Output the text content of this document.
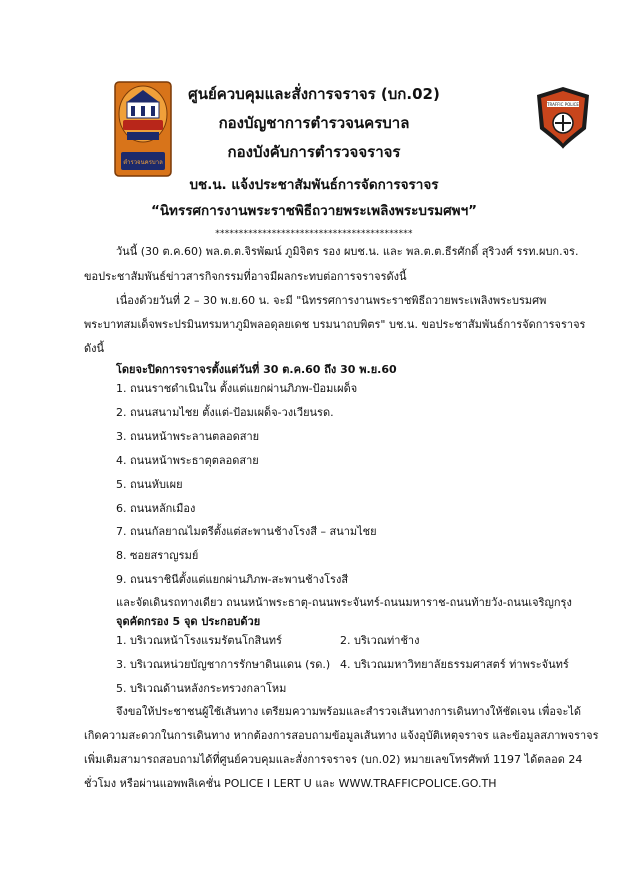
ตำรวจนครบาล
TRAFFIC POLICE
ศูนย์ควบคุมและสั่งการจราจร (บก.02)
กองบัญชาการตำรวจนครบาล
กองบังคับการตำรวจจราจร
บช.น. แจ้งประชาสัมพันธ์การจัดการจราจร
“นิทรรศการงานพระราชพิธีถวายพระเพลิงพระบรมศพฯ”
******************************************
วันนี้ (30 ต.ค.60) พล.ต.ต.จิรพัฒน์ ภูมิจิตร รอง ผบช.น. และ พล.ต.ต.ธีรศักดิ์ สุริวงศ์ รรท.ผบก.จร.
ขอประชาสัมพันธ์ข่าวสารกิจกรรมที่อาจมีผลกระทบต่อการจราจรดังนี้
เนื่องด้วยวันที่ 2 – 30 พ.ย.60 น. จะมี "นิทรรศการงานพระราชพิธีถวายพระเพลิงพระบรมศพ
พระบาทสมเด็จพระปรมินทรมหาภูมิพลอดุลยเดช บรมนาถบพิตร" บช.น. ขอประชาสัมพันธ์การจัดการจราจร
ดังนี้
โดยจะปิดการจราจรตั้งแต่วันที่ 30 ต.ค.60 ถึง 30 พ.ย.60
1. ถนนราชดำเนินใน ตั้งแต่แยกผ่านภิภพ-ป้อมเผด็จ
2. ถนนสนามไชย ตั้งแต่-ป้อมเผด็จ-วงเวียนรด.
3. ถนนหน้าพระลานตลอดสาย
4. ถนนหน้าพระธาตุตลอดสาย
5. ถนนหับเผย
6. ถนนหลักเมือง
7. ถนนกัลยาณไมตรีตั้งแต่สะพานช้างโรงสี – สนามไชย
8. ซอยสราญรมย์
9. ถนนราชินีตั้งแต่แยกผ่านภิภพ-สะพานช้างโรงสี
และจัดเดินรถทางเดียว ถนนหน้าพระธาตุ-ถนนพระจันทร์-ถนนมหาราช-ถนนท้ายวัง-ถนนเจริญกรุง
จุดคัดกรอง 5 จุด ประกอบด้วย
1. บริเวณหน้าโรงแรมรัตนโกสินทร์	2. บริเวณท่าช้าง
3. บริเวณหน่วยบัญชาการรักษาดินแดน (รด.) 4. บริเวณมหาวิทยาลัยธรรมศาสตร์ ท่าพระจันทร์
5. บริเวณด้านหลังกระทรวงกลาโหม
จึงขอให้ประชาชนผู้ใช้เส้นทาง เตรียมความพร้อมและสำรวจเส้นทางการเดินทางให้ชัดเจน เพื่อจะได้
เกิดความสะดวกในการเดินทาง หากต้องการสอบถามข้อมูลเส้นทาง แจ้งอุบัติเหตุจราจร และข้อมูลสภาพจราจร
เพิ่มเติมสามารถสอบถามได้ที่ศูนย์ควบคุมและสั่งการจราจร (บก.02) หมายเลขโทรศัพท์ 1197 ได้ตลอด 24
ชั่วโมง หรือผ่านแอพพลิเคชั่น POLICE I LERT U และ WWW.TRAFFICPOLICE.GO.TH
